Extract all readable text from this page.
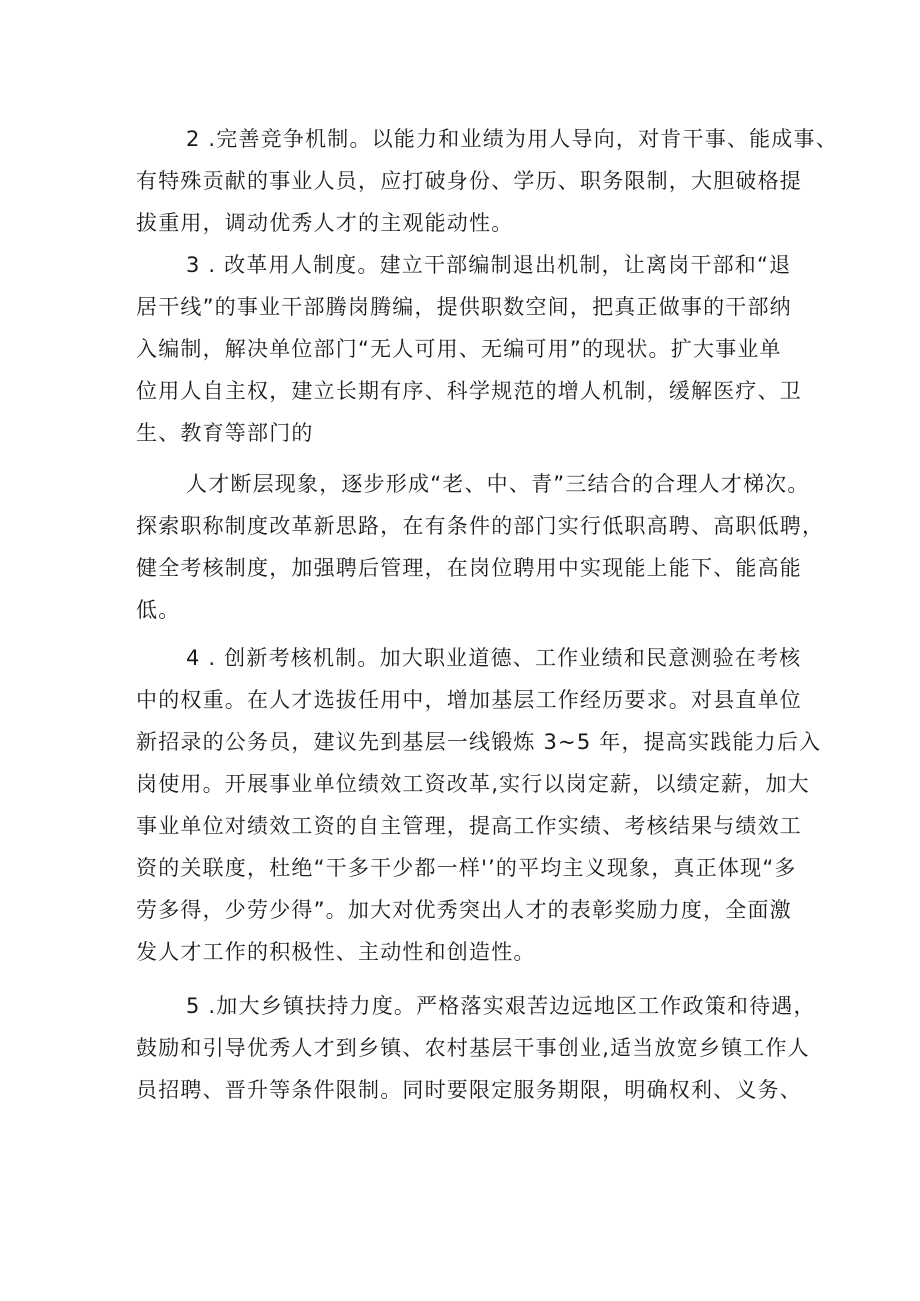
2 .完善竞争机制。以能力和业绩为用人导向，对肯干事、能成事、
有特殊贡献的事业人员，应打破身份、学历、职务限制，大胆破格提
拔重用，调动优秀人才的主观能动性。
3 . 改革用人制度。建立干部编制退出机制，让离岗干部和“退
居干线”的事业干部腾岗腾编，提供职数空间，把真正做事的干部纳
入编制，解决单位部门“无人可用、无编可用”的现状。扩大事业单
位用人自主权，建立长期有序、科学规范的增人机制，缓解医疗、卫
生、教育等部门的
人才断层现象，逐步形成“老、中、青”三结合的合理人才梯次。
探索职称制度改革新思路，在有条件的部门实行低职高聘、高职低聘，
健全考核制度，加强聘后管理，在岗位聘用中实现能上能下、能高能
低。
4 . 创新考核机制。加大职业道德、工作业绩和民意测验在考核
中的权重。在人才选拔任用中，增加基层工作经历要求。对县直单位
新招录的公务员，建议先到基层一线锻炼 3~5 年，提高实践能力后入
岗使用。开展事业单位绩效工资改革,实行以岗定薪，以绩定薪，加大
事业单位对绩效工资的自主管理，提高工作实绩、考核结果与绩效工
资的关联度，杜绝“干多干少都一样'’的平均主义现象，真正体现“多
劳多得，少劳少得”。加大对优秀突出人才的表彰奖励力度，全面激
发人才工作的积极性、主动性和创造性。
5 .加大乡镇扶持力度。严格落实艰苦边远地区工作政策和待遇，
鼓励和引导优秀人才到乡镇、农村基层干事创业,适当放宽乡镇工作人
员招聘、晋升等条件限制。同时要限定服务期限，明确权利、义务、
